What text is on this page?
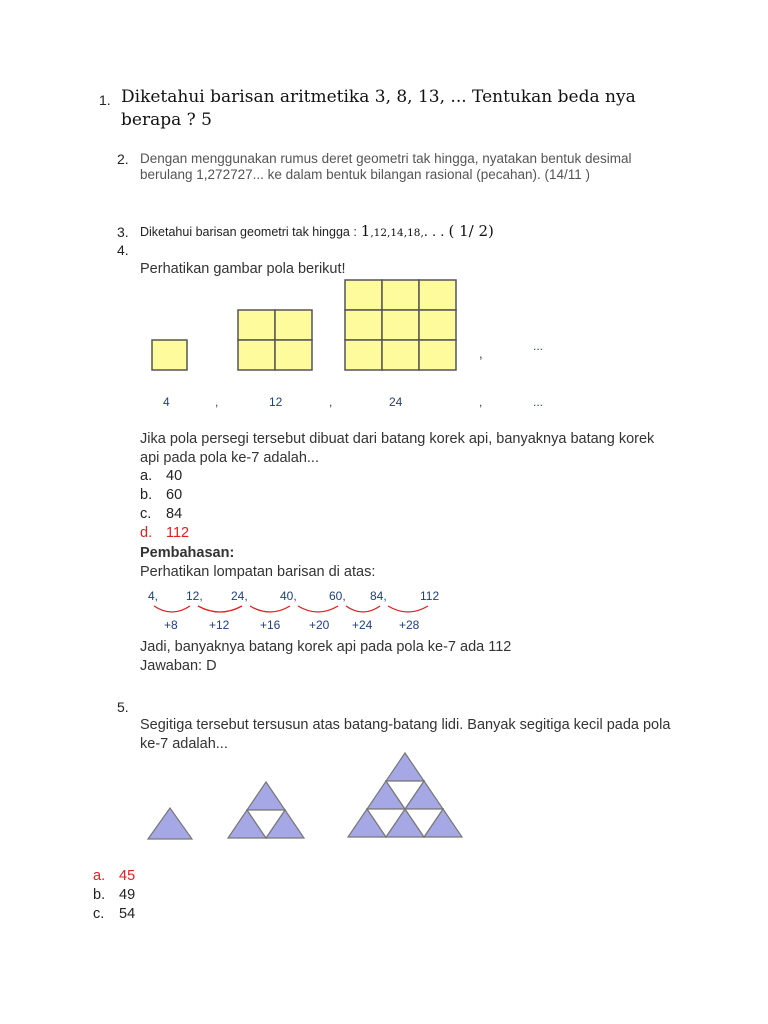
1. Diketahui barisan aritmetika 3, 8, 13, ... Tentukan beda nya berapa ? 5
2. Dengan menggunakan rumus deret geometri tak hingga, nyatakan bentuk desimal berulang 1,272727... ke dalam bentuk bilangan rasional (pecahan). (14/11 )
3. Diketahui barisan geometri tak hingga : 1,12,14,18,. . . ( 1/ 2)
4.
Perhatikan gambar pola berikut!
,	...
4	,	12	,	24	,	...
Jika pola persegi tersebut dibuat dari batang korek api, banyaknya batang korek api pada pola ke-7 adalah...
a. 40
b. 60
c. 84
d. 112
Pembahasan:
Perhatikan lompatan barisan di atas:
4, 12, 24,	40,	60, 84,	112
+8	+12	+16 +20 +24 +28
Jadi, banyaknya batang korek api pada pola ke-7 ada 112
Jawaban: D
5.
Segitiga tersebut tersusun atas batang-batang lidi. Banyak segitiga kecil pada pola ke-7 adalah...
a. 45
b. 49
c. 54
